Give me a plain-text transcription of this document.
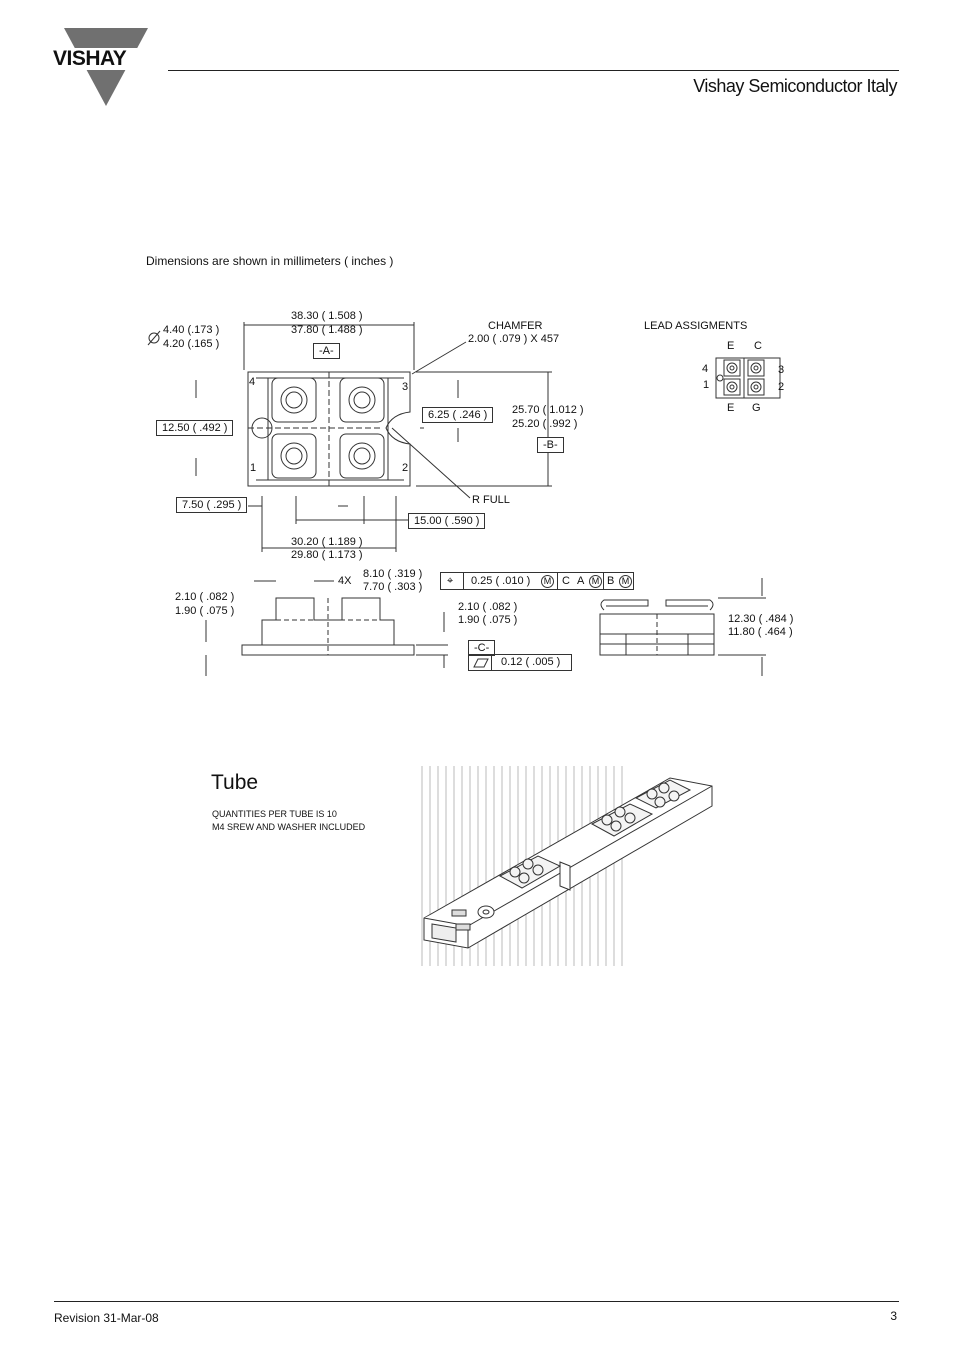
VISHAY
Vishay Semiconductor Italy
Dimensions are shown in millimeters ( inches )
4.40 (.173 )
4.20 (.165 )
38.30 ( 1.508 )
37.80 ( 1.488 )
-A-
CHAMFER
2.00 ( .079 ) X 457
12.50 ( .492 )
6.25 ( .246 )	25.70 ( 1.012 )
25.20 ( .992 )
-B-
R FULL
7.50 ( .295 )
15.00 ( .590 )
30.20 ( 1.189 )
29.80 ( 1.173 )
4	3
1	2
LEAD ASSIGMENTS
E C
E G
4
1
3
2
4X
8.10 ( .319 )
7.70 ( .303 ) ⌖ 0.25 ( .010 )	M C A M B M
2.10 ( .082 )
1.90 ( .075 )	2.10 ( .082 )
1.90 ( .075 )
-C-
0.12 ( .005 )
12.30 ( .484 )
11.80 ( .464 )
Tube
QUANTITIES PER TUBE IS 10
M4 SREW AND WASHER INCLUDED
Revision 31-Mar-08	3
